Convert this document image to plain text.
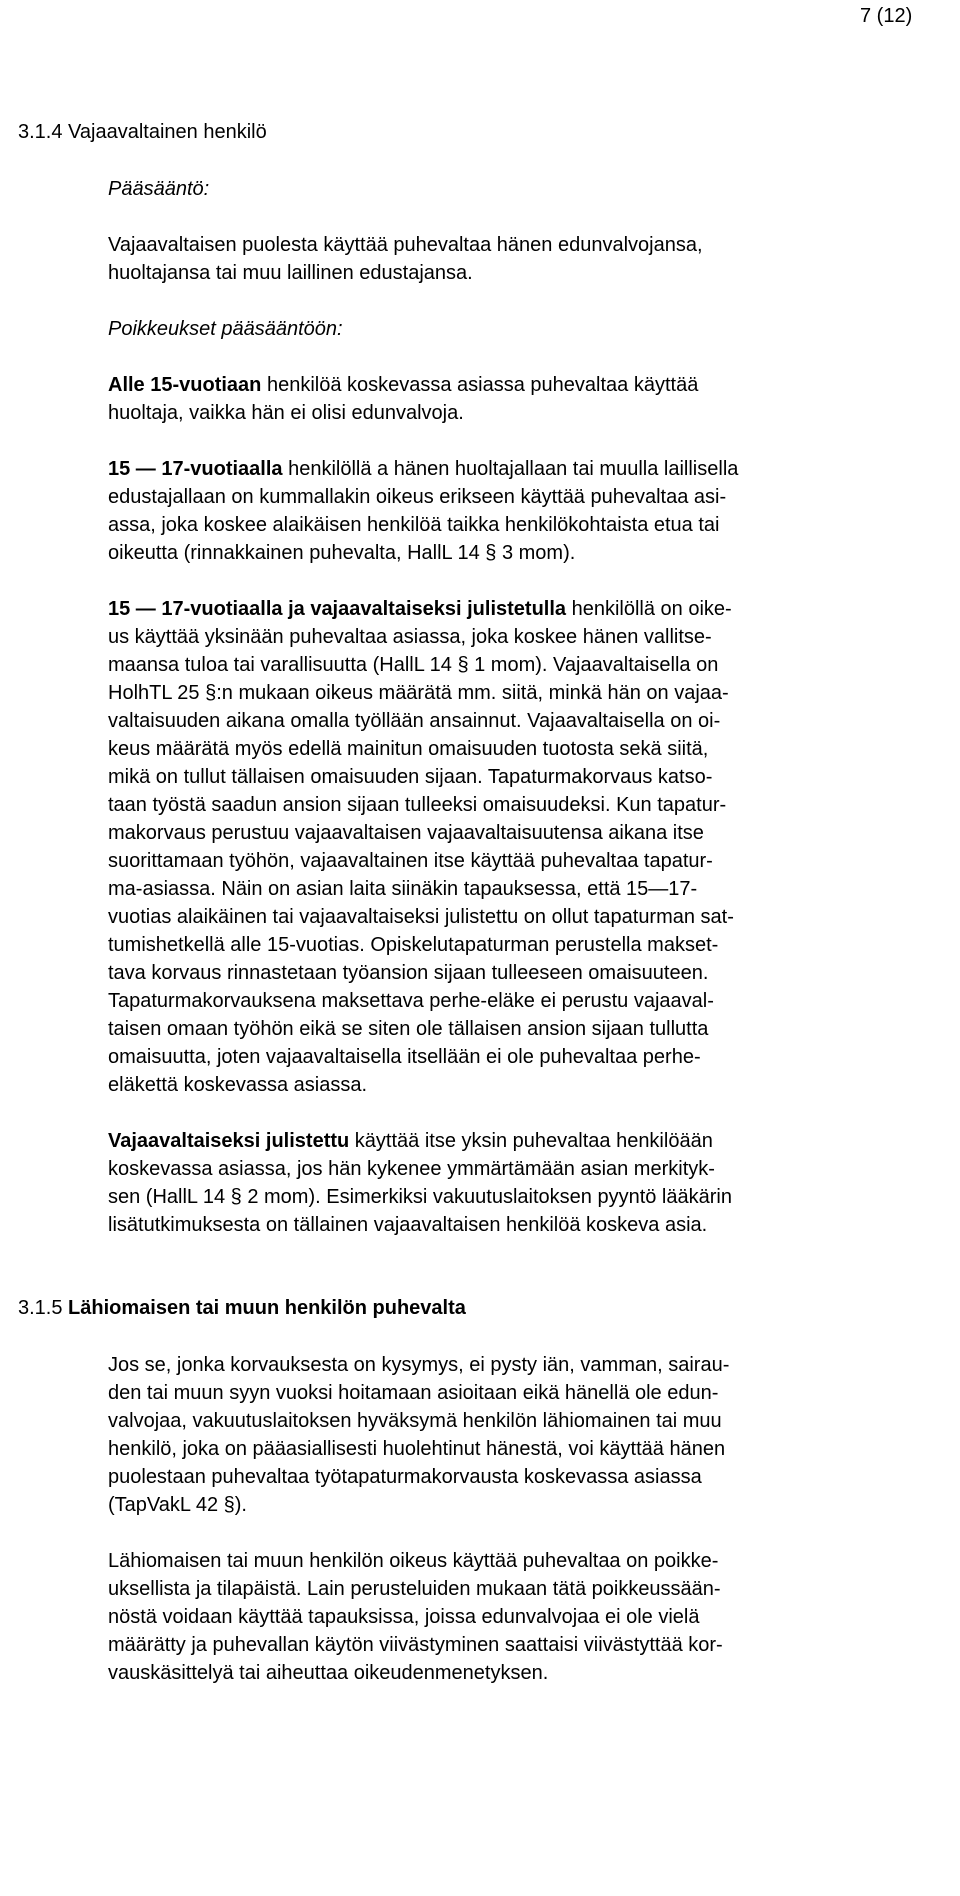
7 (12)
3.1.4 Vajaavaltainen henkilö
Pääsääntö:
Vajaavaltaisen puolesta käyttää puhevaltaa hänen edunvalvojansa,
huoltajansa tai muu laillinen edustajansa.
Poikkeukset pääsääntöön:
Alle 15-vuotiaan henkilöä koskevassa asiassa puhevaltaa käyttää
huoltaja, vaikka hän ei olisi edunvalvoja.
15 — 17-vuotiaalla henkilöllä a hänen huoltajallaan tai muulla laillisella
edustajallaan on kummallakin oikeus erikseen käyttää puhevaltaa asi-
assa, joka koskee alaikäisen henkilöä taikka henkilökohtaista etua tai
oikeutta (rinnakkainen puhevalta, HallL 14 § 3 mom).
15 — 17-vuotiaalla ja vajaavaltaiseksi julistetulla henkilöllä on oike-
us käyttää yksinään puhevaltaa asiassa, joka koskee hänen vallitse-
maansa tuloa tai varallisuutta (HallL 14 § 1 mom). Vajaavaltaisella on
HolhTL 25 §:n mukaan oikeus määrätä mm. siitä, minkä hän on vajaa-
valtaisuuden aikana omalla työllään ansainnut. Vajaavaltaisella on oi-
keus määrätä myös edellä mainitun omaisuuden tuotosta sekä siitä,
mikä on tullut tällaisen omaisuuden sijaan. Tapaturmakorvaus katso-
taan työstä saadun ansion sijaan tulleeksi omaisuudeksi. Kun tapatur-
makorvaus perustuu vajaavaltaisen vajaavaltaisuutensa aikana itse
suorittamaan työhön, vajaavaltainen itse käyttää puhevaltaa tapatur-
ma-asiassa. Näin on asian laita siinäkin tapauksessa, että 15—17-
vuotias alaikäinen tai vajaavaltaiseksi julistettu on ollut tapaturman sat-
tumishetkellä alle 15-vuotias. Opiskelutapaturman perustella makset-
tava korvaus rinnastetaan työansion sijaan tulleeseen omaisuuteen.
Tapaturmakorvauksena maksettava perhe-eläke ei perustu vajaaval-
taisen omaan työhön eikä se siten ole tällaisen ansion sijaan tullutta
omaisuutta, joten vajaavaltaisella itsellään ei ole puhevaltaa perhe-
eläkettä koskevassa asiassa.
Vajaavaltaiseksi julistettu käyttää itse yksin puhevaltaa henkilöään
koskevassa asiassa, jos hän kykenee ymmärtämään asian merkityk-
sen (HallL 14 § 2 mom). Esimerkiksi vakuutuslaitoksen pyyntö lääkärin
lisätutkimuksesta on tällainen vajaavaltaisen henkilöä koskeva asia.
3.1.5 Lähiomaisen tai muun henkilön puhevalta
Jos se, jonka korvauksesta on kysymys, ei pysty iän, vamman, sairau-
den tai muun syyn vuoksi hoitamaan asioitaan eikä hänellä ole edun-
valvojaa, vakuutuslaitoksen hyväksymä henkilön lähiomainen tai muu
henkilö, joka on pääasiallisesti huolehtinut hänestä, voi käyttää hänen
puolestaan puhevaltaa työtapaturmakorvausta koskevassa asiassa
(TapVakL 42 §).
Lähiomaisen tai muun henkilön oikeus käyttää puhevaltaa on poikke-
uksellista ja tilapäistä. Lain perusteluiden mukaan tätä poikkeussään-
nöstä voidaan käyttää tapauksissa, joissa edunvalvojaa ei ole vielä
määrätty ja puhevallan käytön viivästyminen saattaisi viivästyttää kor-
vauskäsittelyä tai aiheuttaa oikeudenmenetyksen.
